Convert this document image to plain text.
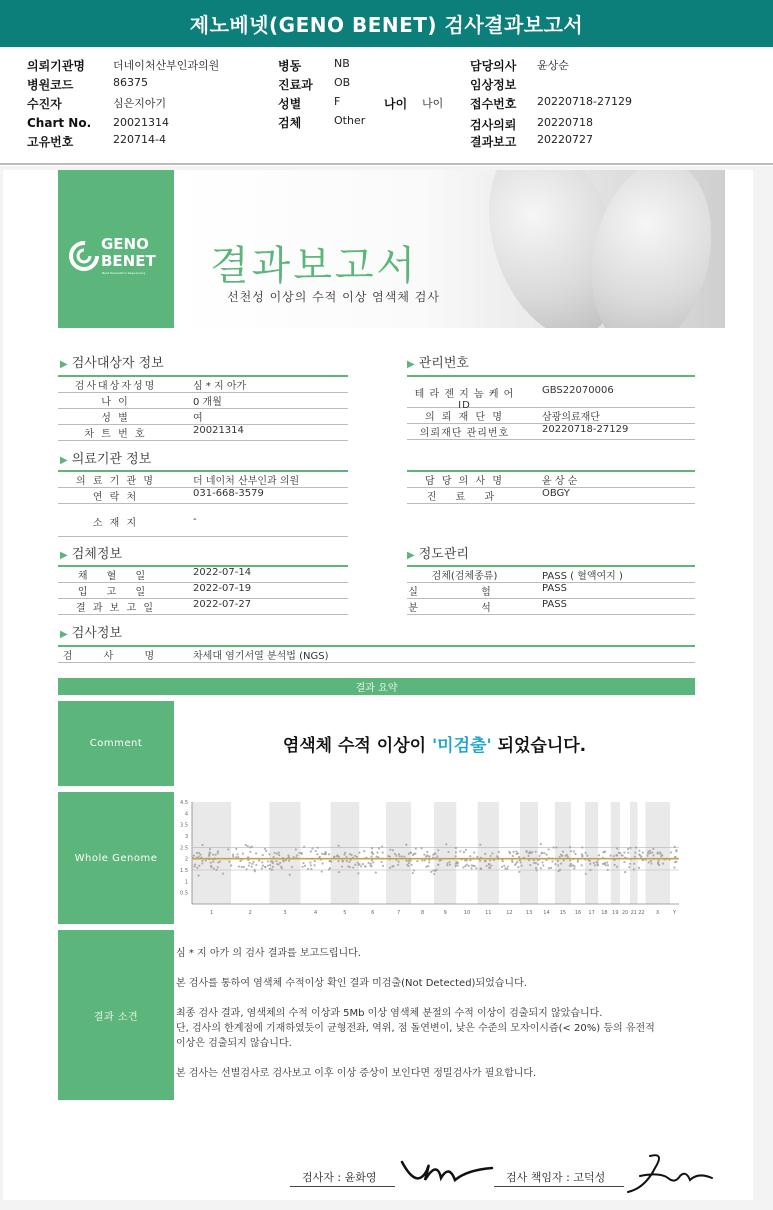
제노베넷(GENO BENET) 검사결과보고서
의뢰기관명	더네이처산부인과의원
병원코드	86375
수진자	심은지아기
Chart No. 20021314
고유번호	220714-4
병동	NB
진료과 OB
성별	F
검체	Other
나이 나이
담당의사 윤상순
임상정보
접수번호 20220718-27129
검사의뢰 20220718
결과보고 20220727
GENO
BENET
Next Generation Sequencing 결과보고서
선천성 이상의 수적 이상 염색체 검사
▶ 검사대상자 정보
검사대상자성명	심 * 지 아가
나 이	0 개월
성 별	여
차 트 번 호	20021314
▶ 관리번호
테 라 젠 지 놈 케 어 ID
GBS22070006
의 뢰 재 단 명	삼광의료재단
의뢰재단 관리번호	20220718-27129
▶ 의료기관 정보
의 료 기 관 명	더 네이처 산부인과 의원
연 락 처	031-668-3579
소 재 지	-
담 당 의 사 명	윤 상 순
진 료 과	OBGY
▶ 검체정보
채 혈 일	2022-07-14
입 고 일	2022-07-19
결 과 보 고 일	2022-07-27
▶ 정도관리
검체(검체종류)	PASS ( 혈액여지 )
실 험 PASS
분 석 PASS
▶ 검사정보
검 사 명	차세대 염기서열 분석법 (NGS)
결과 요약
Comment	염색체 수적 이상이 '미검출' 되었습니다.
Whole Genome
0.5
1
1.5
2
2.5
3
3.5
4
4.5
1	2	3	4	5	6	7	8	9	10	11	12	13 14 15 16 17 18 19 20 21 22 X	Y
결과 소견

심 * 지 아가 의 검사 결과를 보고드립니다.

본 검사를 통하여 염색체 수적이상 확인 결과 미검출(Not Detected)되었습니다.

최종 검사 결과, 염색체의 수적 이상과 5Mb 이상 염색체 분절의 수적 이상이 검출되지 않았습니다.

단, 검사의 한계점에 기재하였듯이 균형전좌, 역위, 점 돌연변이, 낮은 수준의 모자이시즘(< 20%) 등의 유전적

이상은 검출되지 않습니다.

본 검사는 선별검사로 검사보고 이후 이상 증상이 보인다면 정밀검사가 필요합니다.

검사자 : 윤화영	검사 책임자 : 고덕성
